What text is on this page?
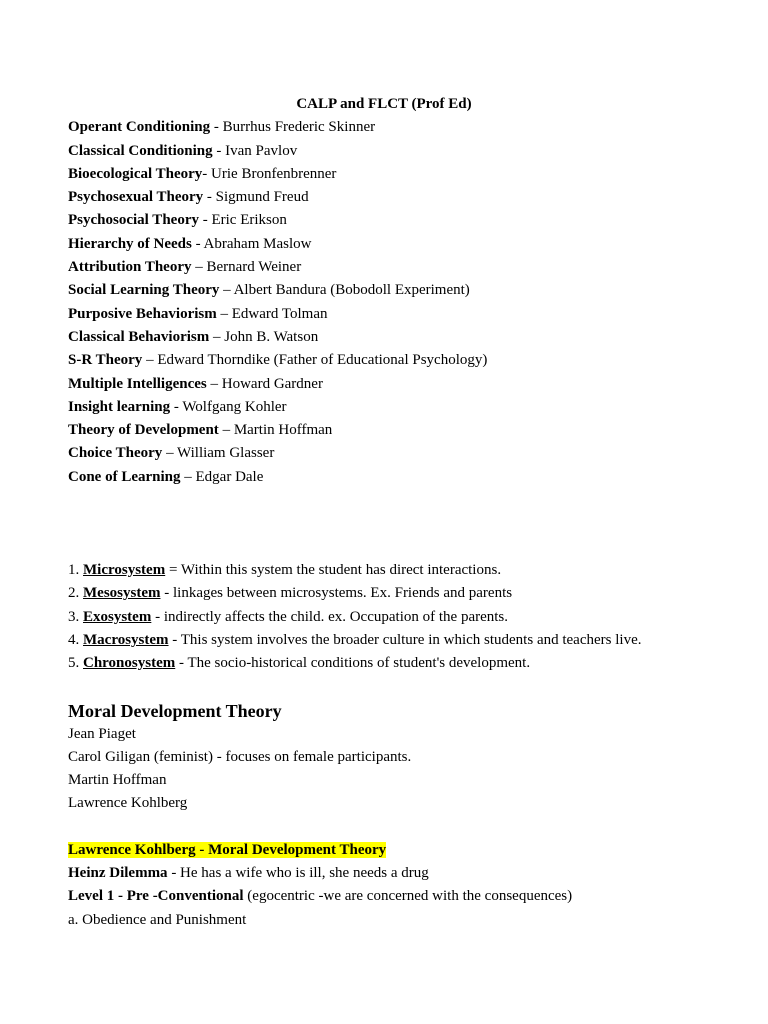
CALP and FLCT (Prof Ed)

Operant Conditioning - Burrhus Frederic Skinner

Classical Conditioning - Ivan Pavlov

Bioecological Theory- Urie Bronfenbrenner

Psychosexual Theory - Sigmund Freud

Psychosocial Theory - Eric Erikson

Hierarchy of Needs - Abraham Maslow

Attribution Theory – Bernard Weiner

Social Learning Theory – Albert Bandura (Bobodoll Experiment)

Purposive Behaviorism – Edward Tolman

Classical Behaviorism – John B. Watson

S-R Theory – Edward Thorndike (Father of Educational Psychology)

Multiple Intelligences – Howard Gardner

Insight learning - Wolfgang Kohler

Theory of Development – Martin Hoffman

Choice Theory – William Glasser

Cone of Learning – Edgar Dale

1. Microsystem = Within this system the student has direct interactions.

2. Mesosystem - linkages between microsystems. Ex. Friends and parents

3. Exosystem - indirectly affects the child. ex. Occupation of the parents.

4. Macrosystem - This system involves the broader culture in which students and teachers live.

5. Chronosystem - The socio-historical conditions of student's development.

Moral Development Theory

Jean Piaget

Carol Giligan (feminist) - focuses on female participants.

Martin Hoffman

Lawrence Kohlberg

Lawrence Kohlberg - Moral Development Theory

Heinz Dilemma - He has a wife who is ill, she needs a drug

Level 1 - Pre -Conventional (egocentric -we are concerned with the consequences)

a. Obedience and Punishment
